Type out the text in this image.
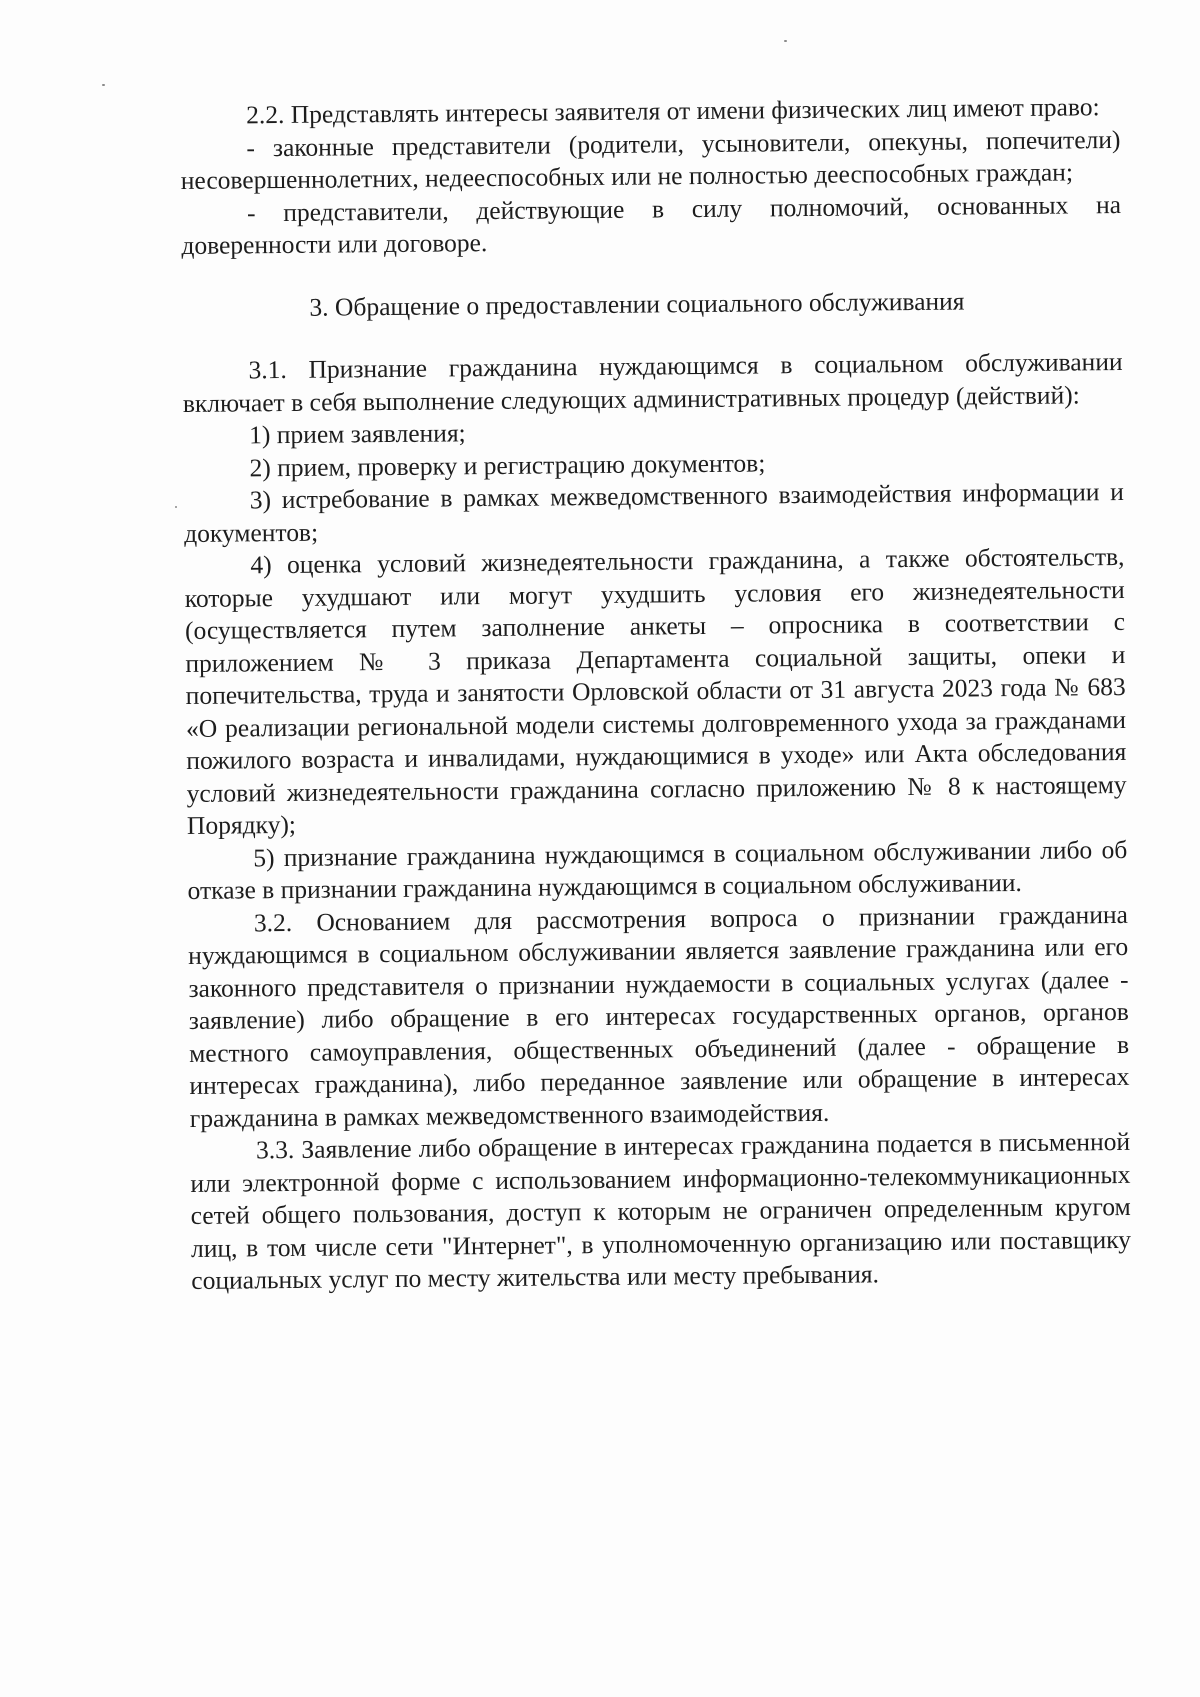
2.2. Представлять интересы заявителя от имени физических лиц имеют право:

- законные представители (родители, усыновители, опекуны, попечители) несовершеннолетних, недееспособных или не полностью дееспособных граждан;

- представители, действующие в силу полномочий, основанных на доверенности или договоре.

3. Обращение о предоставлении социального обслуживания

3.1. Признание гражданина нуждающимся в социальном обслуживании включает в себя выполнение следующих административных процедур (действий):

1) прием заявления;

2) прием, проверку и регистрацию документов;

3) истребование в рамках межведомственного взаимодействия информации и документов;

4) оценка условий жизнедеятельности гражданина, а также обстоятельств, которые ухудшают или могут ухудшить условия его жизнедеятельности (осуществляется путем заполнение анкеты – опросника в соответствии с приложением № 3 приказа Департамента социальной защиты, опеки и попечительства, труда и занятости Орловской области от 31 августа 2023 года № 683 «О реализации региональной модели системы долговременного ухода за гражданами пожилого возраста и инвалидами, нуждающимися в уходе» или Акта обследования условий жизнедеятельности гражданина согласно приложению № 8 к настоящему Порядку);

5) признание гражданина нуждающимся в социальном обслуживании либо об отказе в признании гражданина нуждающимся в социальном обслуживании.

3.2. Основанием для рассмотрения вопроса о признании гражданина нуждающимся в социальном обслуживании является заявление гражданина или его законного представителя о признании нуждаемости в социальных услугах (далее - заявление) либо обращение в его интересах государственных органов, органов местного самоуправления, общественных объединений (далее - обращение в интересах гражданина), либо переданное заявление или обращение в интересах гражданина в рамках межведомственного взаимодействия.

3.3. Заявление либо обращение в интересах гражданина подается в письменной или электронной форме с использованием информационно-телекоммуникационных сетей общего пользования, доступ к которым не ограничен определенным кругом лиц, в том числе сети "Интернет", в уполномоченную организацию или поставщику социальных услуг по месту жительства или месту пребывания.
